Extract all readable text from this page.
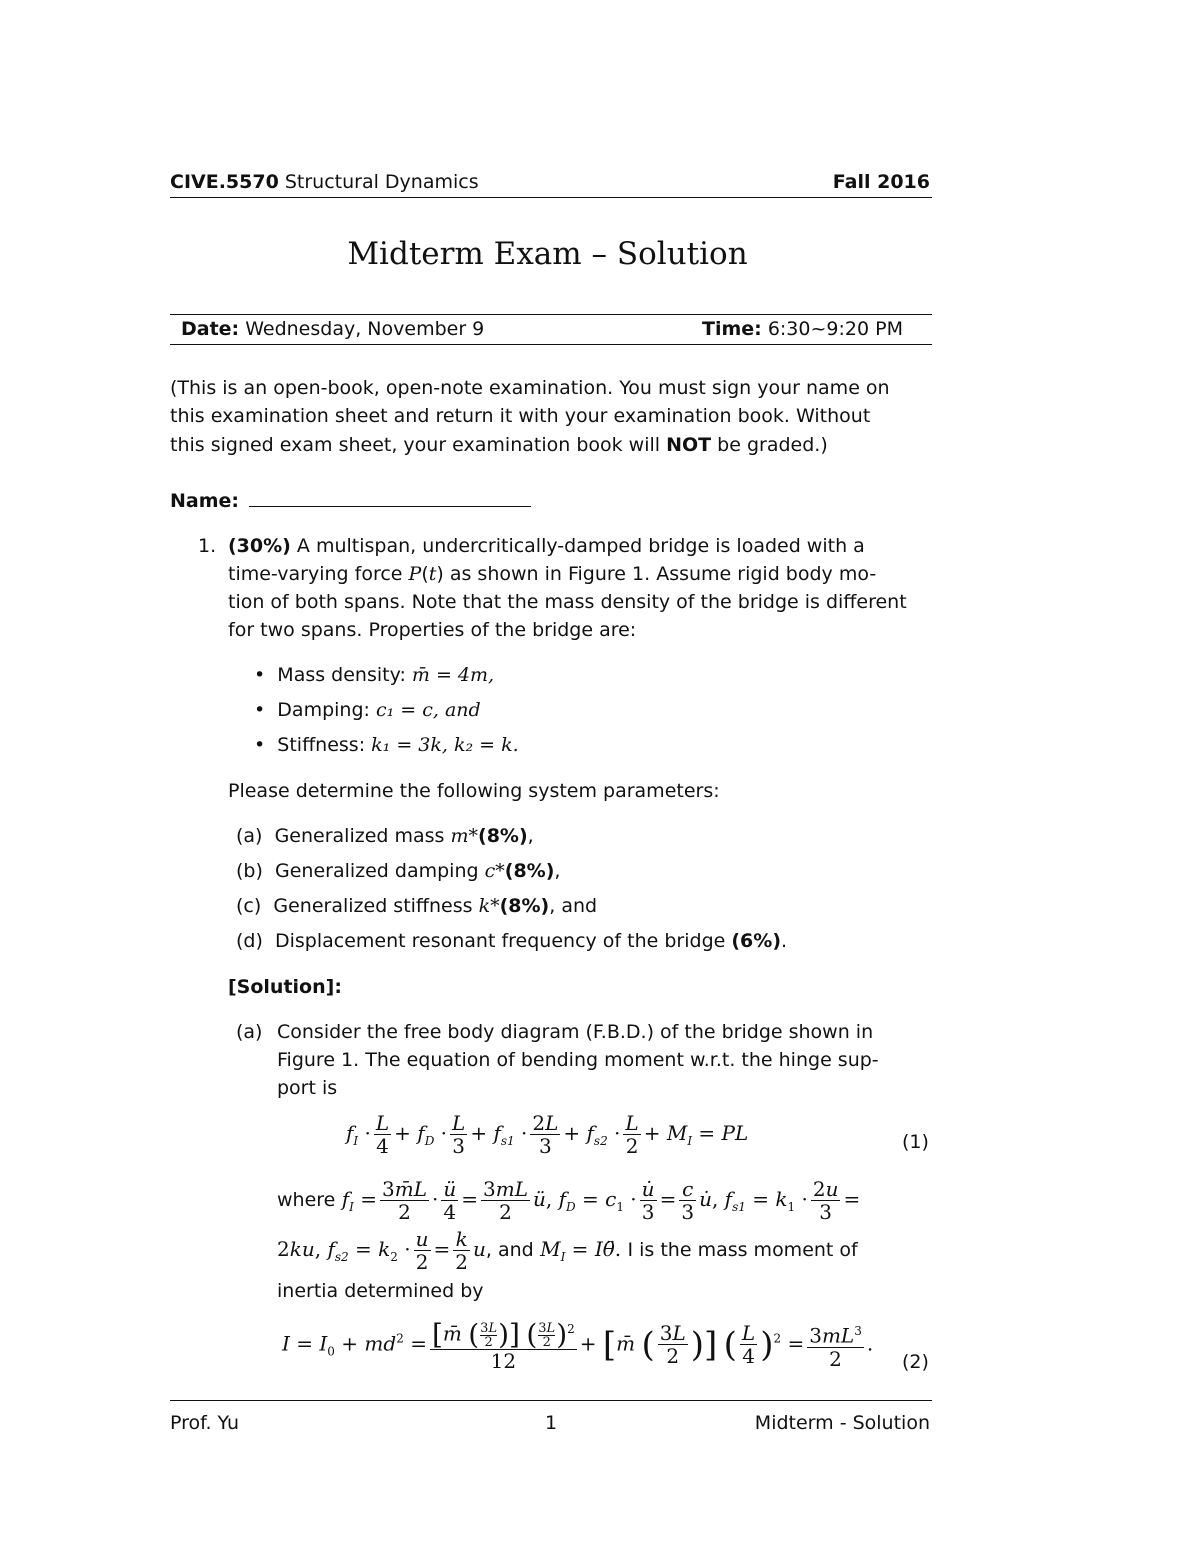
CIVE.5570 Structural Dynamics	Fall 2016
Midterm Exam – Solution
Date: Wednesday, November 9	Time: 6:30~9:20 PM
(This is an open-book, open-note examination. You must sign your name on
this examination sheet and return it with your examination book. Without
this signed exam sheet, your examination book will NOT be graded.)
Name:
1. (30%) A multispan, undercritically-damped bridge is loaded with a
time-varying force P(t) as shown in Figure 1. Assume rigid body mo-
tion of both spans. Note that the mass density of the bridge is different
for two spans. Properties of the bridge are:
•  Mass density: m̄ = 4m,
•  Damping: c₁ = c, and
•  Stiffness: k₁ = 3k, k₂ = k.
Please determine the following system parameters:
(a) Generalized mass m*(8%),
(b) Generalized damping c*(8%),
(c) Generalized stiffness k*(8%), and
(d) Displacement resonant frequency of the bridge (6%).
[Solution]:
(a) Consider the free body diagram (F.B.D.) of the bridge shown in
Figure 1. The equation of bending moment w.r.t. the hinge sup-
port is
$f_I \cdot \frac{L}{4} + f_D \cdot \frac{L}{3} + f_{s1} \cdot \frac{2L}{3} + f_{s2} \cdot \frac{L}{2} + M_I$ = PL	(1)
where $f_I = \frac{3m̄L}{2} \cdot \frac{ü}{4} = \frac{3mL}{2}$ ü, $f_D = c_1 \cdot \frac{u̇}{3} = \frac{c}{3}$ u̇, $f_{s1} = k_1 \cdot \frac{2u}{3}$ =
2ku, $f_{s2} = k_2 \cdot \frac{u}{2} = \frac{k}{2} u$, and $M_I$ = Iθ̈. I is the mass moment of
inertia determined by
$I = I_0 + md^2 = \frac{[m̄ ( \frac{3L}{2} )] ( \frac{3L}{2} )^2}{12}$ + [m̄ ( $\frac{3L}{2}$ )] ( $\frac{L}{4} )^2 = \frac{3mL^3}{2}$ .
(2)
Prof. Yu	1	Midterm - Solution
